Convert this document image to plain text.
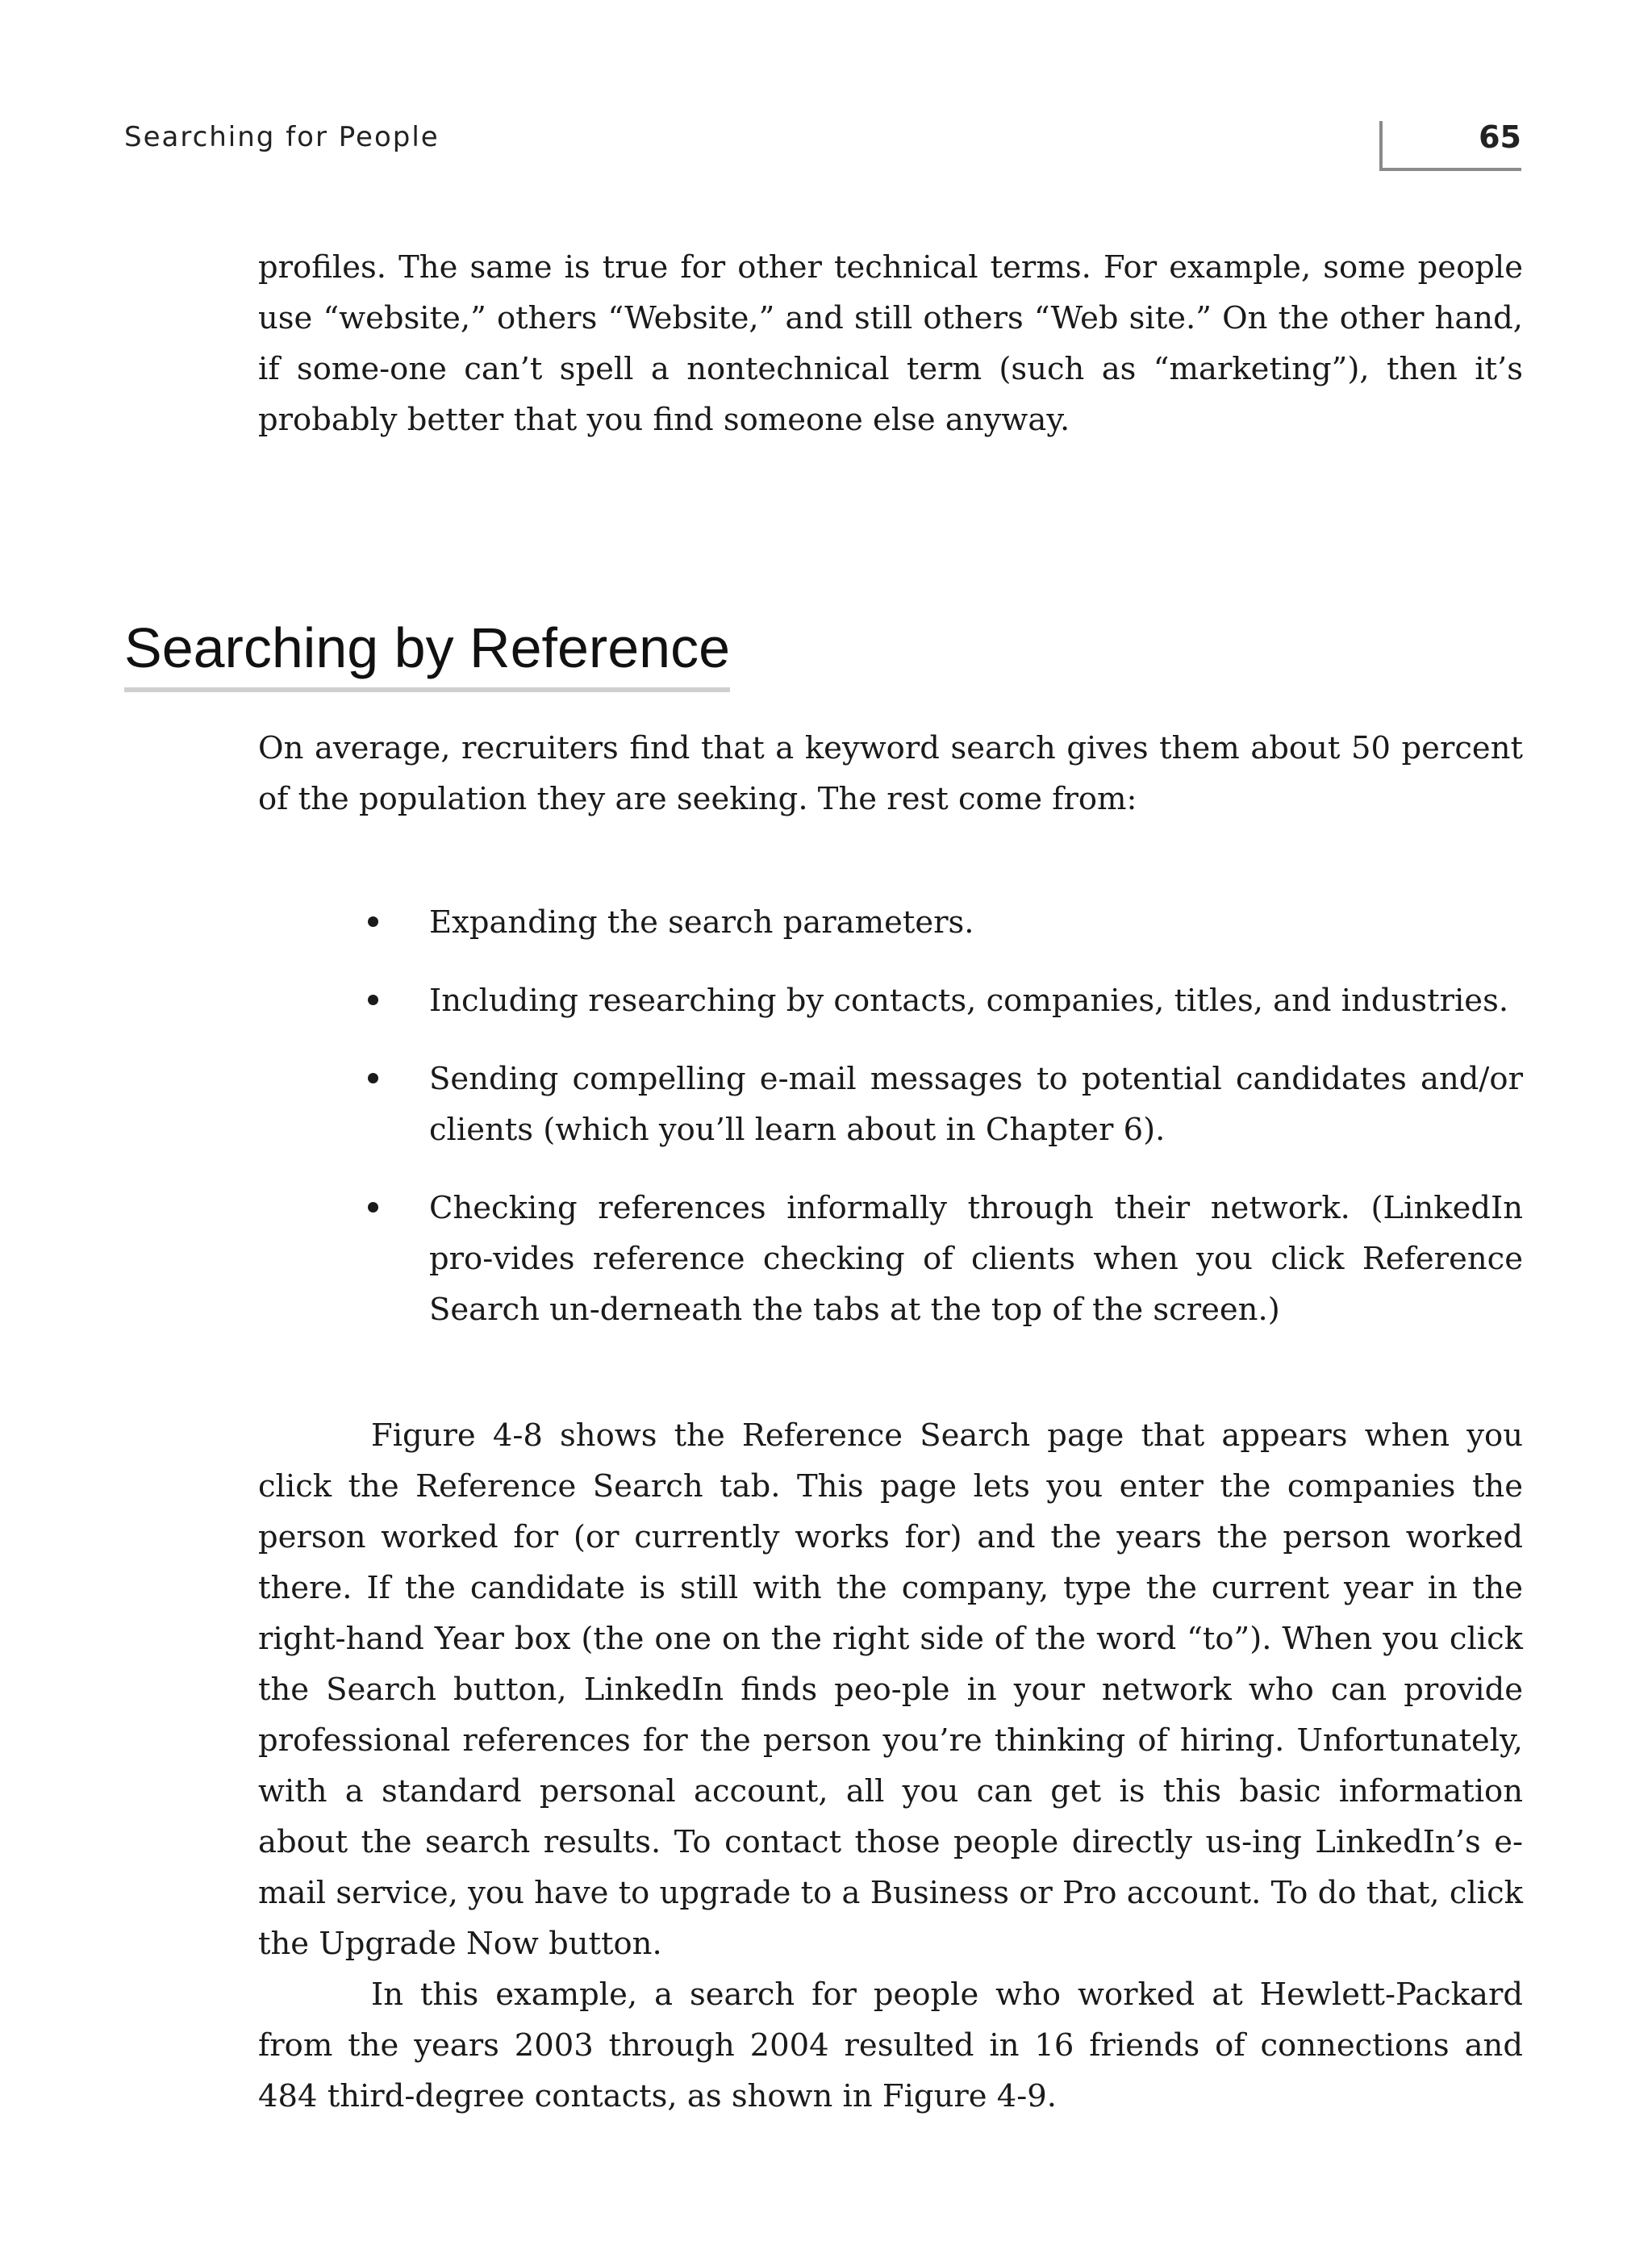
Searching for People	65

profiles. The same is true for other technical terms. For example, some people use “website,” others “Website,” and still others “Web site.” On the other hand, if some-one can’t spell a nontechnical term (such as “marketing”), then it’s probably better that you find someone else anyway.

Searching by Reference

On average, recruiters find that a keyword search gives them about 50 percent of the population they are seeking. The rest come from:

Expanding the search parameters.

Including researching by contacts, companies, titles, and industries.

Sending compelling e-mail messages to potential candidates and/or clients (which you’ll learn about in Chapter 6).

Checking references informally through their network. (LinkedIn pro-vides reference checking of clients when you click Reference Search un-derneath the tabs at the top of the screen.)

Figure 4-8 shows the Reference Search page that appears when you click the Reference Search tab. This page lets you enter the companies the person worked for (or currently works for) and the years the person worked there. If the candidate is still with the company, type the current year in the right-hand Year box (the one on the right side of the word “to”). When you click the Search button, LinkedIn finds peo-ple in your network who can provide professional references for the person you’re thinking of hiring. Unfortunately, with a standard personal account, all you can get is this basic information about the search results. To contact those people directly us-ing LinkedIn’s e-mail service, you have to upgrade to a Business or Pro account. To do that, click the Upgrade Now button.

In this example, a search for people who worked at Hewlett-Packard from the years 2003 through 2004 resulted in 16 friends of connections and 484 third-degree contacts, as shown in Figure 4-9.
